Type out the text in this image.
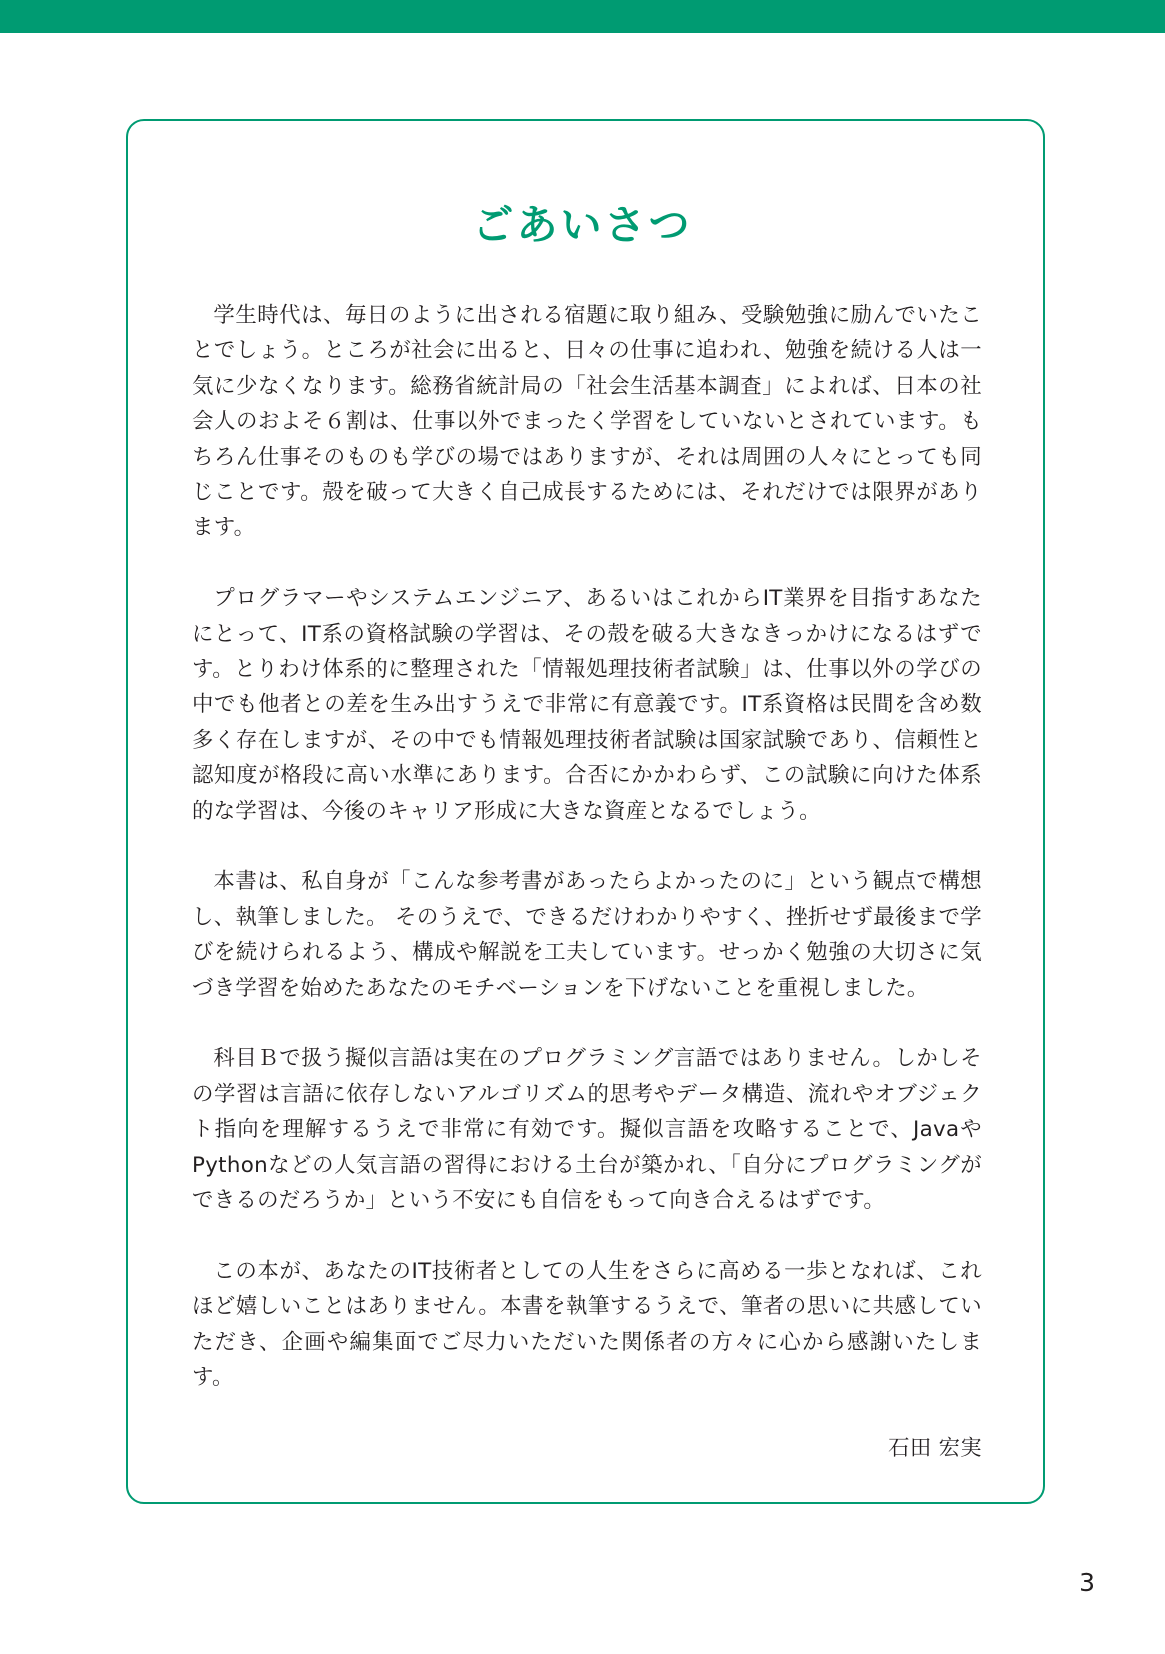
ごあいさつ

学生時代は、毎日のように出される宿題に取り組み、受験勉強に励んでいたことでしょう。ところが社会に出ると、日々の仕事に追われ、勉強を続ける人は一気に少なくなります。総務省統計局の「社会生活基本調査」によれば、日本の社会人のおよそ６割は、仕事以外でまったく学習をしていないとされています。もちろん仕事そのものも学びの場ではありますが、それは周囲の人々にとっても同じことです。殻を破って大きく自己成長するためには、それだけでは限界があります。

プログラマーやシステムエンジニア、あるいはこれからIT業界を目指すあなたにとって、IT系の資格試験の学習は、その殻を破る大きなきっかけになるはずです。とりわけ体系的に整理された「情報処理技術者試験」は、仕事以外の学びの中でも他者との差を生み出すうえで非常に有意義です。IT系資格は民間を含め数多く存在しますが、その中でも情報処理技術者試験は国家試験であり、信頼性と認知度が格段に高い水準にあります。合否にかかわらず、この試験に向けた体系的な学習は、今後のキャリア形成に大きな資産となるでしょう。

本書は、私自身が「こんな参考書があったらよかったのに」という観点で構想し、執筆しました。 そのうえで、できるだけわかりやすく、挫折せず最後まで学びを続けられるよう、構成や解説を工夫しています。せっかく勉強の大切さに気づき学習を始めたあなたのモチベーションを下げないことを重視しました。

科目Ｂで扱う擬似言語は実在のプログラミング言語ではありません。しかしその学習は言語に依存しないアルゴリズム的思考やデータ構造、流れやオブジェクト指向を理解するうえで非常に有効です。擬似言語を攻略することで、JavaやPythonなどの人気言語の習得における土台が築かれ、「自分にプログラミングができるのだろうか」という不安にも自信をもって向き合えるはずです。

この本が、あなたのIT技術者としての人生をさらに高める一歩となれば、これほど嬉しいことはありません。本書を執筆するうえで、筆者の思いに共感していただき、企画や編集面でご尽力いただいた関係者の方々に心から感謝いたします。

石田 宏実
3
